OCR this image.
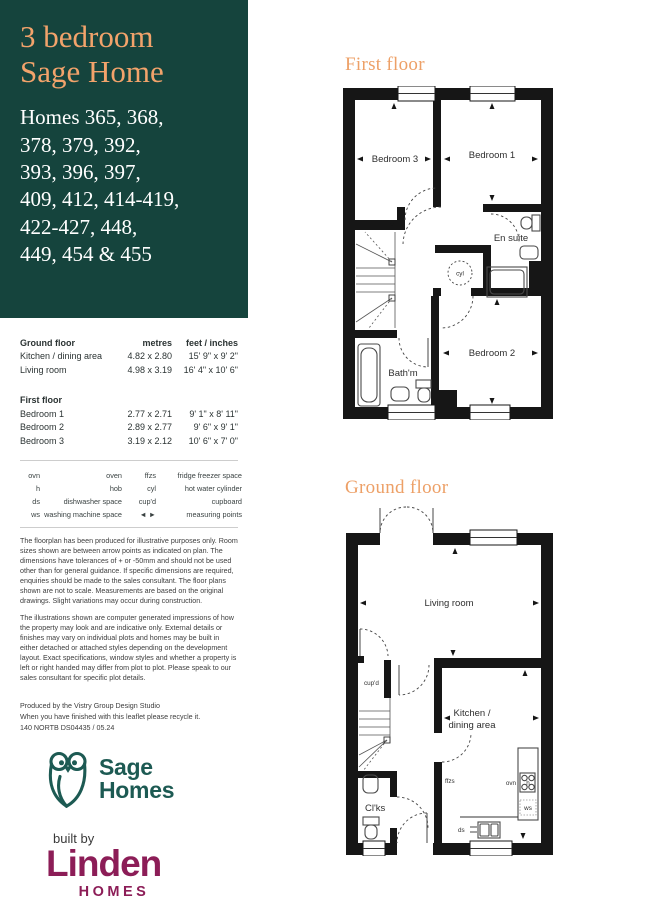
3 bedroom
Sage Home
Homes 365, 368,
378, 379, 392,
393, 396, 397,
409, 412, 414-419,
422-427, 448,
449, 454 & 455
Ground floor	metres	feet / inches
Kitchen / dining area	4.82 x 2.80	15' 9" x 9' 2"
Living room	4.98 x 3.19	16' 4" x 10' 6"
First floor
Bedroom 1	2.77 x 2.71	9' 1" x 8' 11"
Bedroom 2	2.89 x 2.77	9' 6" x 9' 1"
Bedroom 3	3.19 x 2.12	10' 6" x 7' 0"
ovn	oven	ffzs	fridge freezer space
h	hob	cyl	hot water cylinder
ds	dishwasher space	cup'd	cupboard
ws washing machine space	◄ ►	measuring points

The floorplan has been produced for illustrative purposes only. Room sizes shown are between arrow points as indicated on plan. The dimensions have tolerances of + or -50mm and should not be used other than for general guidance. If specific dimensions are required, enquiries should be made to the sales consultant. The floor plans shown are not to scale. Measurements are based on the original drawings. Slight variations may occur during construction.

The illustrations shown are computer generated impressions of how the property may look and are indicative only. External details or finishes may vary on individual plots and homes may be built in either detached or attached styles depending on the development layout. Exact specifications, window styles and whether a property is left or right handed may differ from plot to plot. Please speak to our sales consultant for specific plot details.

Produced by the Vistry Group Design Studio
When you have finished with this leaflet please recycle it.
140 NORTB DS04435 / 05.24
Sage
Homes
built by
Linden
HOMES
First floor
cyl
Bedroom 3	Bedroom 1
En suite
Bedroom 2
Bath'm
Ground floor
h
ws
Living room
Kitchen /
dining area
Cl'ks
cup'd
ffzs	ovn
ds
